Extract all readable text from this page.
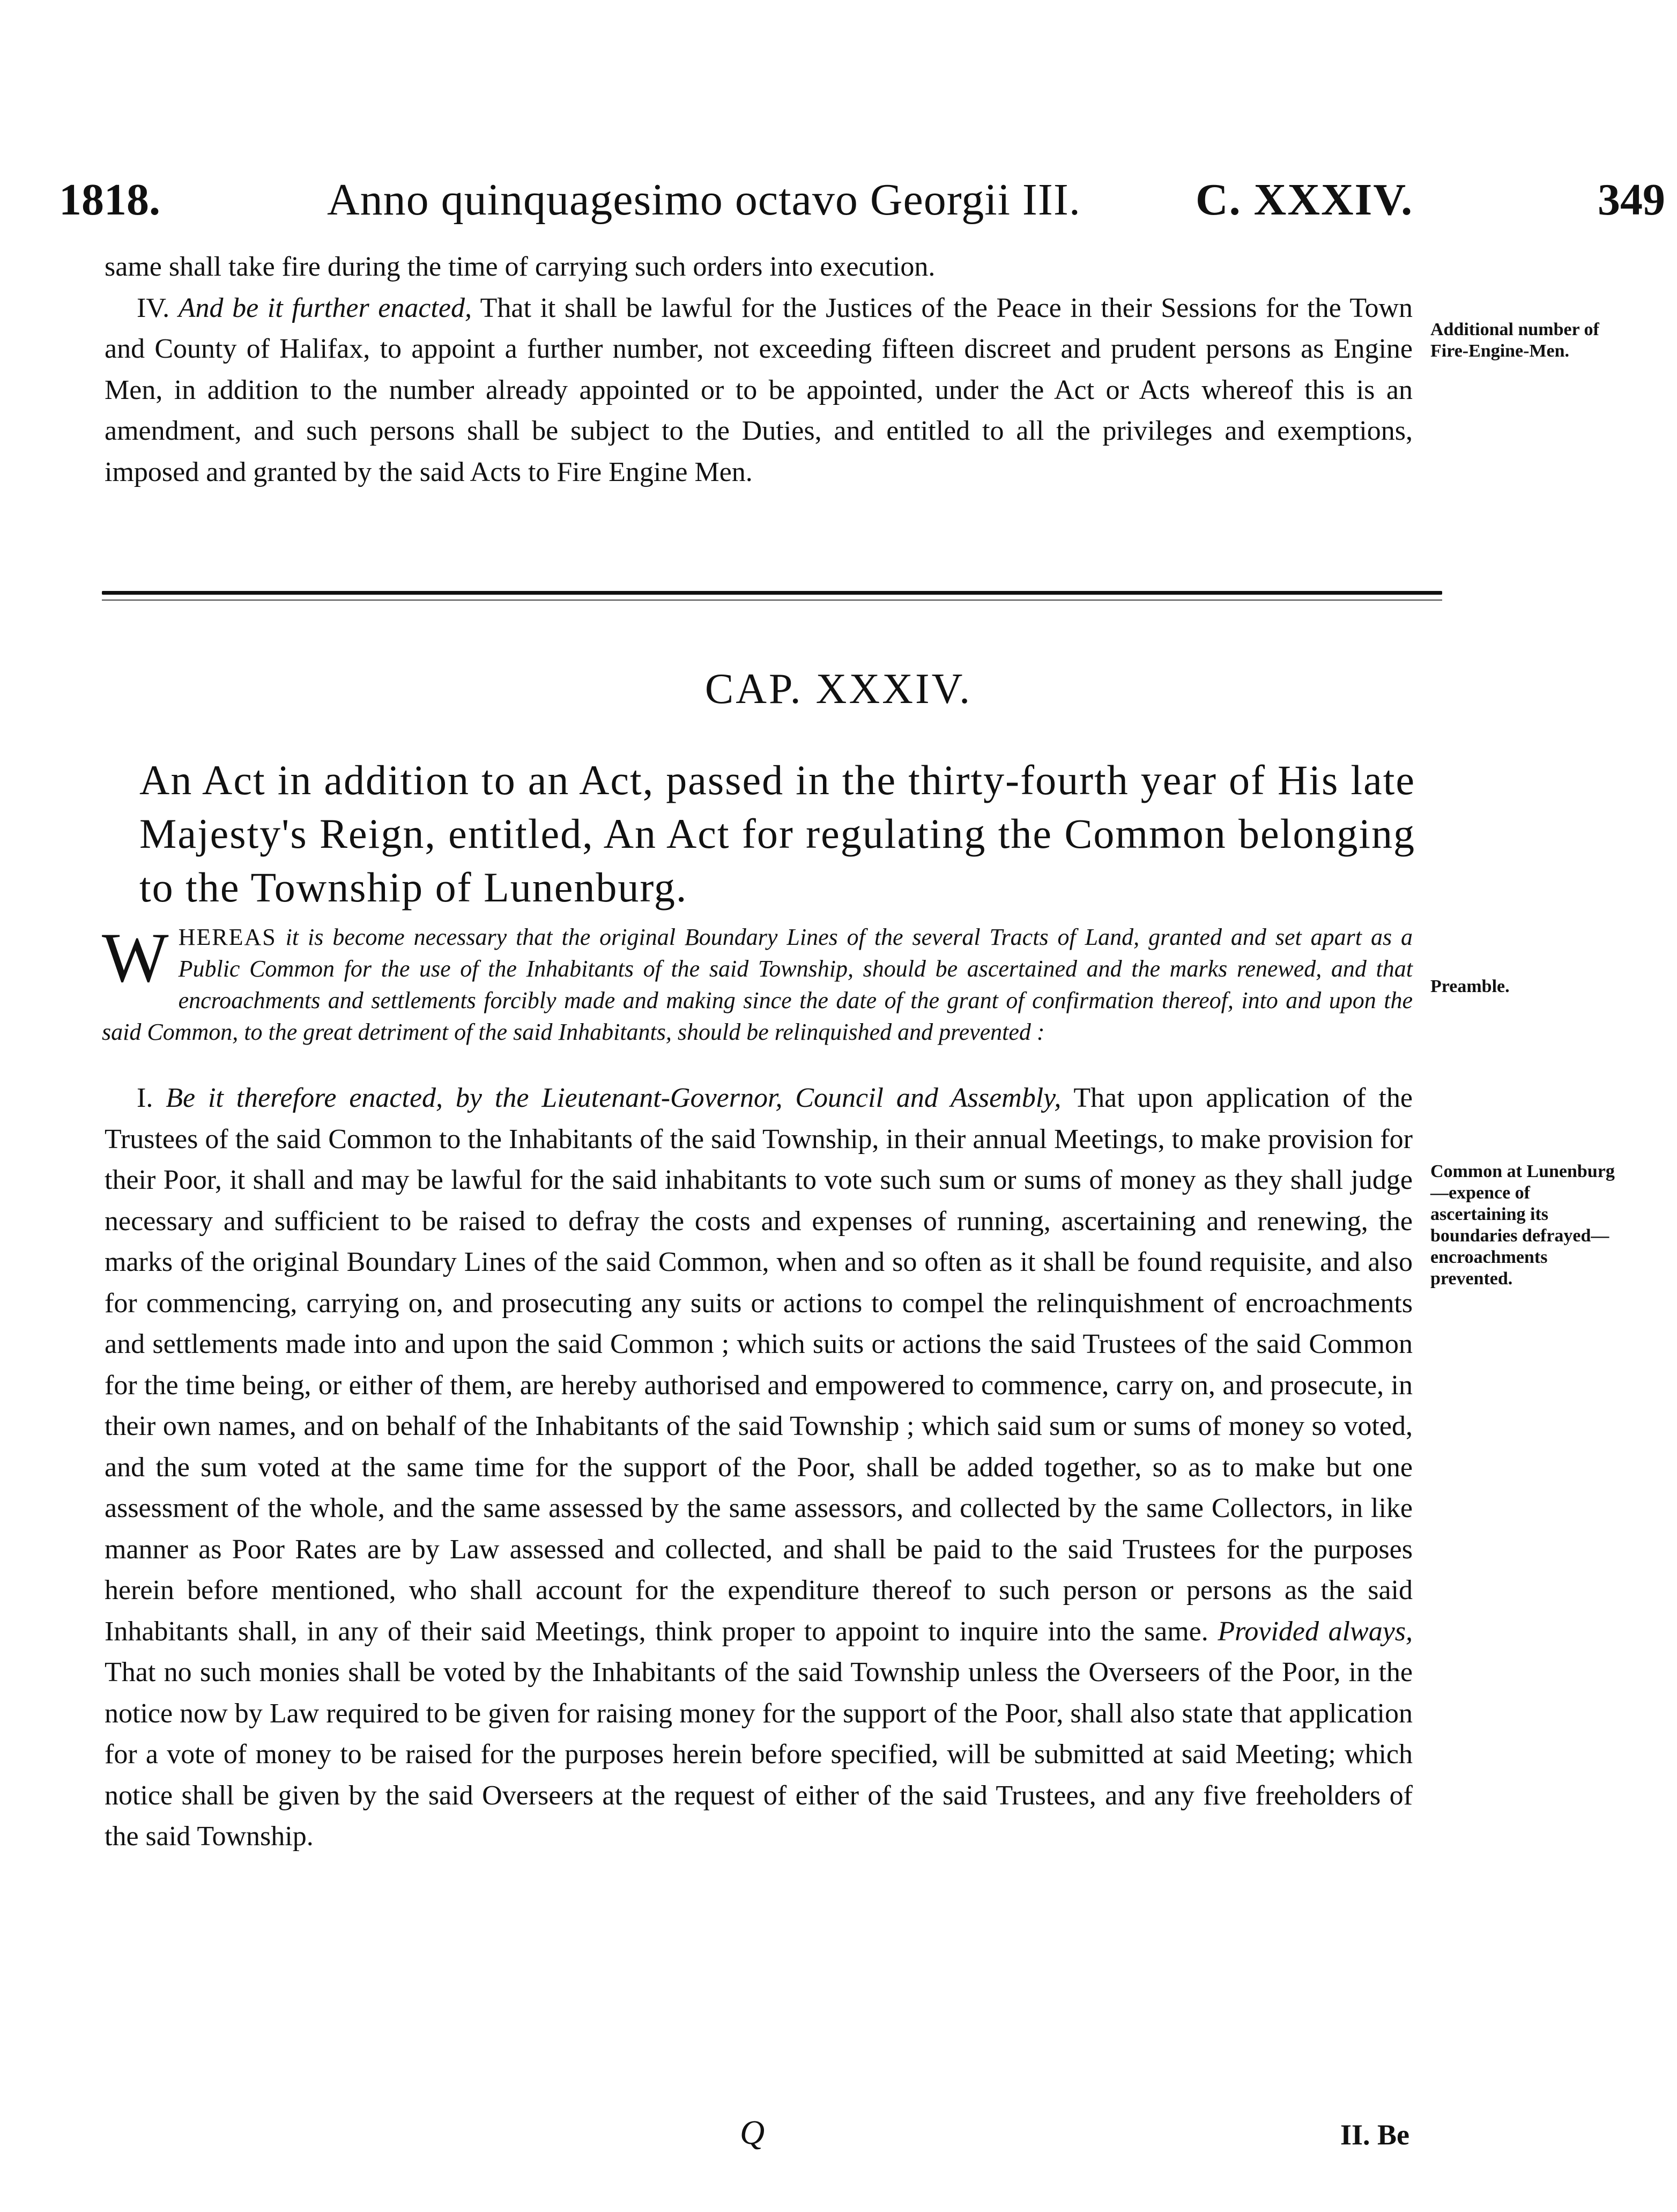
1818.	Anno quinquagesimo octavo Georgii III.	C. XXXIV.	349

same shall take fire during the time of carrying such orders into execution.

IV. And be it further enacted, That it shall be lawful for the Justices of the Peace in their Sessions for the Town and County of Halifax, to appoint a further number, not exceeding fifteen discreet and prudent persons as Engine Men, in addition to the number already appointed or to be appointed, under the Act or Acts whereof this is an amendment, and such persons shall be subject to the Duties, and entitled to all the privileges and exemptions, imposed and granted by the said Acts to Fire Engine Men.

Additional number of Fire-Engine-Men.
CAP. XXXIV.
An Act in addition to an Act, passed in the thirty-fourth year of His late Majesty's Reign, entitled, An Act for regulating the Common belonging to the Township of Lunenburg.
W HEREAS it is become necessary that the original Boundary Lines of the several Tracts of Land, granted and set apart as a Public Common for the use of the Inhabitants of the said Township, should be ascertained and the marks renewed, and that encroachments and settlements forcibly made and making since the date of the grant of confirmation thereof, into and upon the said Common, to the great detriment of the said Inhabitants, should be relinquished and prevented :
Preamble.

I. Be it therefore enacted, by the Lieutenant-Governor, Council and Assembly, That upon application of the Trustees of the said Common to the Inhabitants of the said Township, in their annual Meetings, to make provision for their Poor, it shall and may be lawful for the said inhabitants to vote such sum or sums of money as they shall judge necessary and sufficient to be raised to defray the costs and expenses of running, ascertaining and renewing, the marks of the original Boundary Lines of the said Common, when and so often as it shall be found requisite, and also for commencing, carrying on, and prosecuting any suits or actions to compel the relinquishment of encroachments and settlements made into and upon the said Common ; which suits or actions the said Trustees of the said Common for the time being, or either of them, are hereby authorised and empowered to commence, carry on, and prosecute, in their own names, and on behalf of the Inhabitants of the said Township ; which said sum or sums of money so voted, and the sum voted at the same time for the support of the Poor, shall be added together, so as to make but one assessment of the whole, and the same assessed by the same assessors, and collected by the same Collectors, in like manner as Poor Rates are by Law assessed and collected, and shall be paid to the said Trustees for the purposes herein before mentioned, who shall account for the expenditure thereof to such person or persons as the said Inhabitants shall, in any of their said Meetings, think proper to appoint to inquire into the same. Provided always, That no such monies shall be voted by the Inhabitants of the said Township unless the Overseers of the Poor, in the notice now by Law required to be given for raising money for the support of the Poor, shall also state that application for a vote of money to be raised for the purposes herein before specified, will be submitted at said Meeting; which notice shall be given by the said Overseers at the request of either of the said Trustees, and any five freeholders of the said Township.

Common at Lunenburg—expence of ascertaining its boundaries defrayed—encroachments prevented.
Q	II. Be
